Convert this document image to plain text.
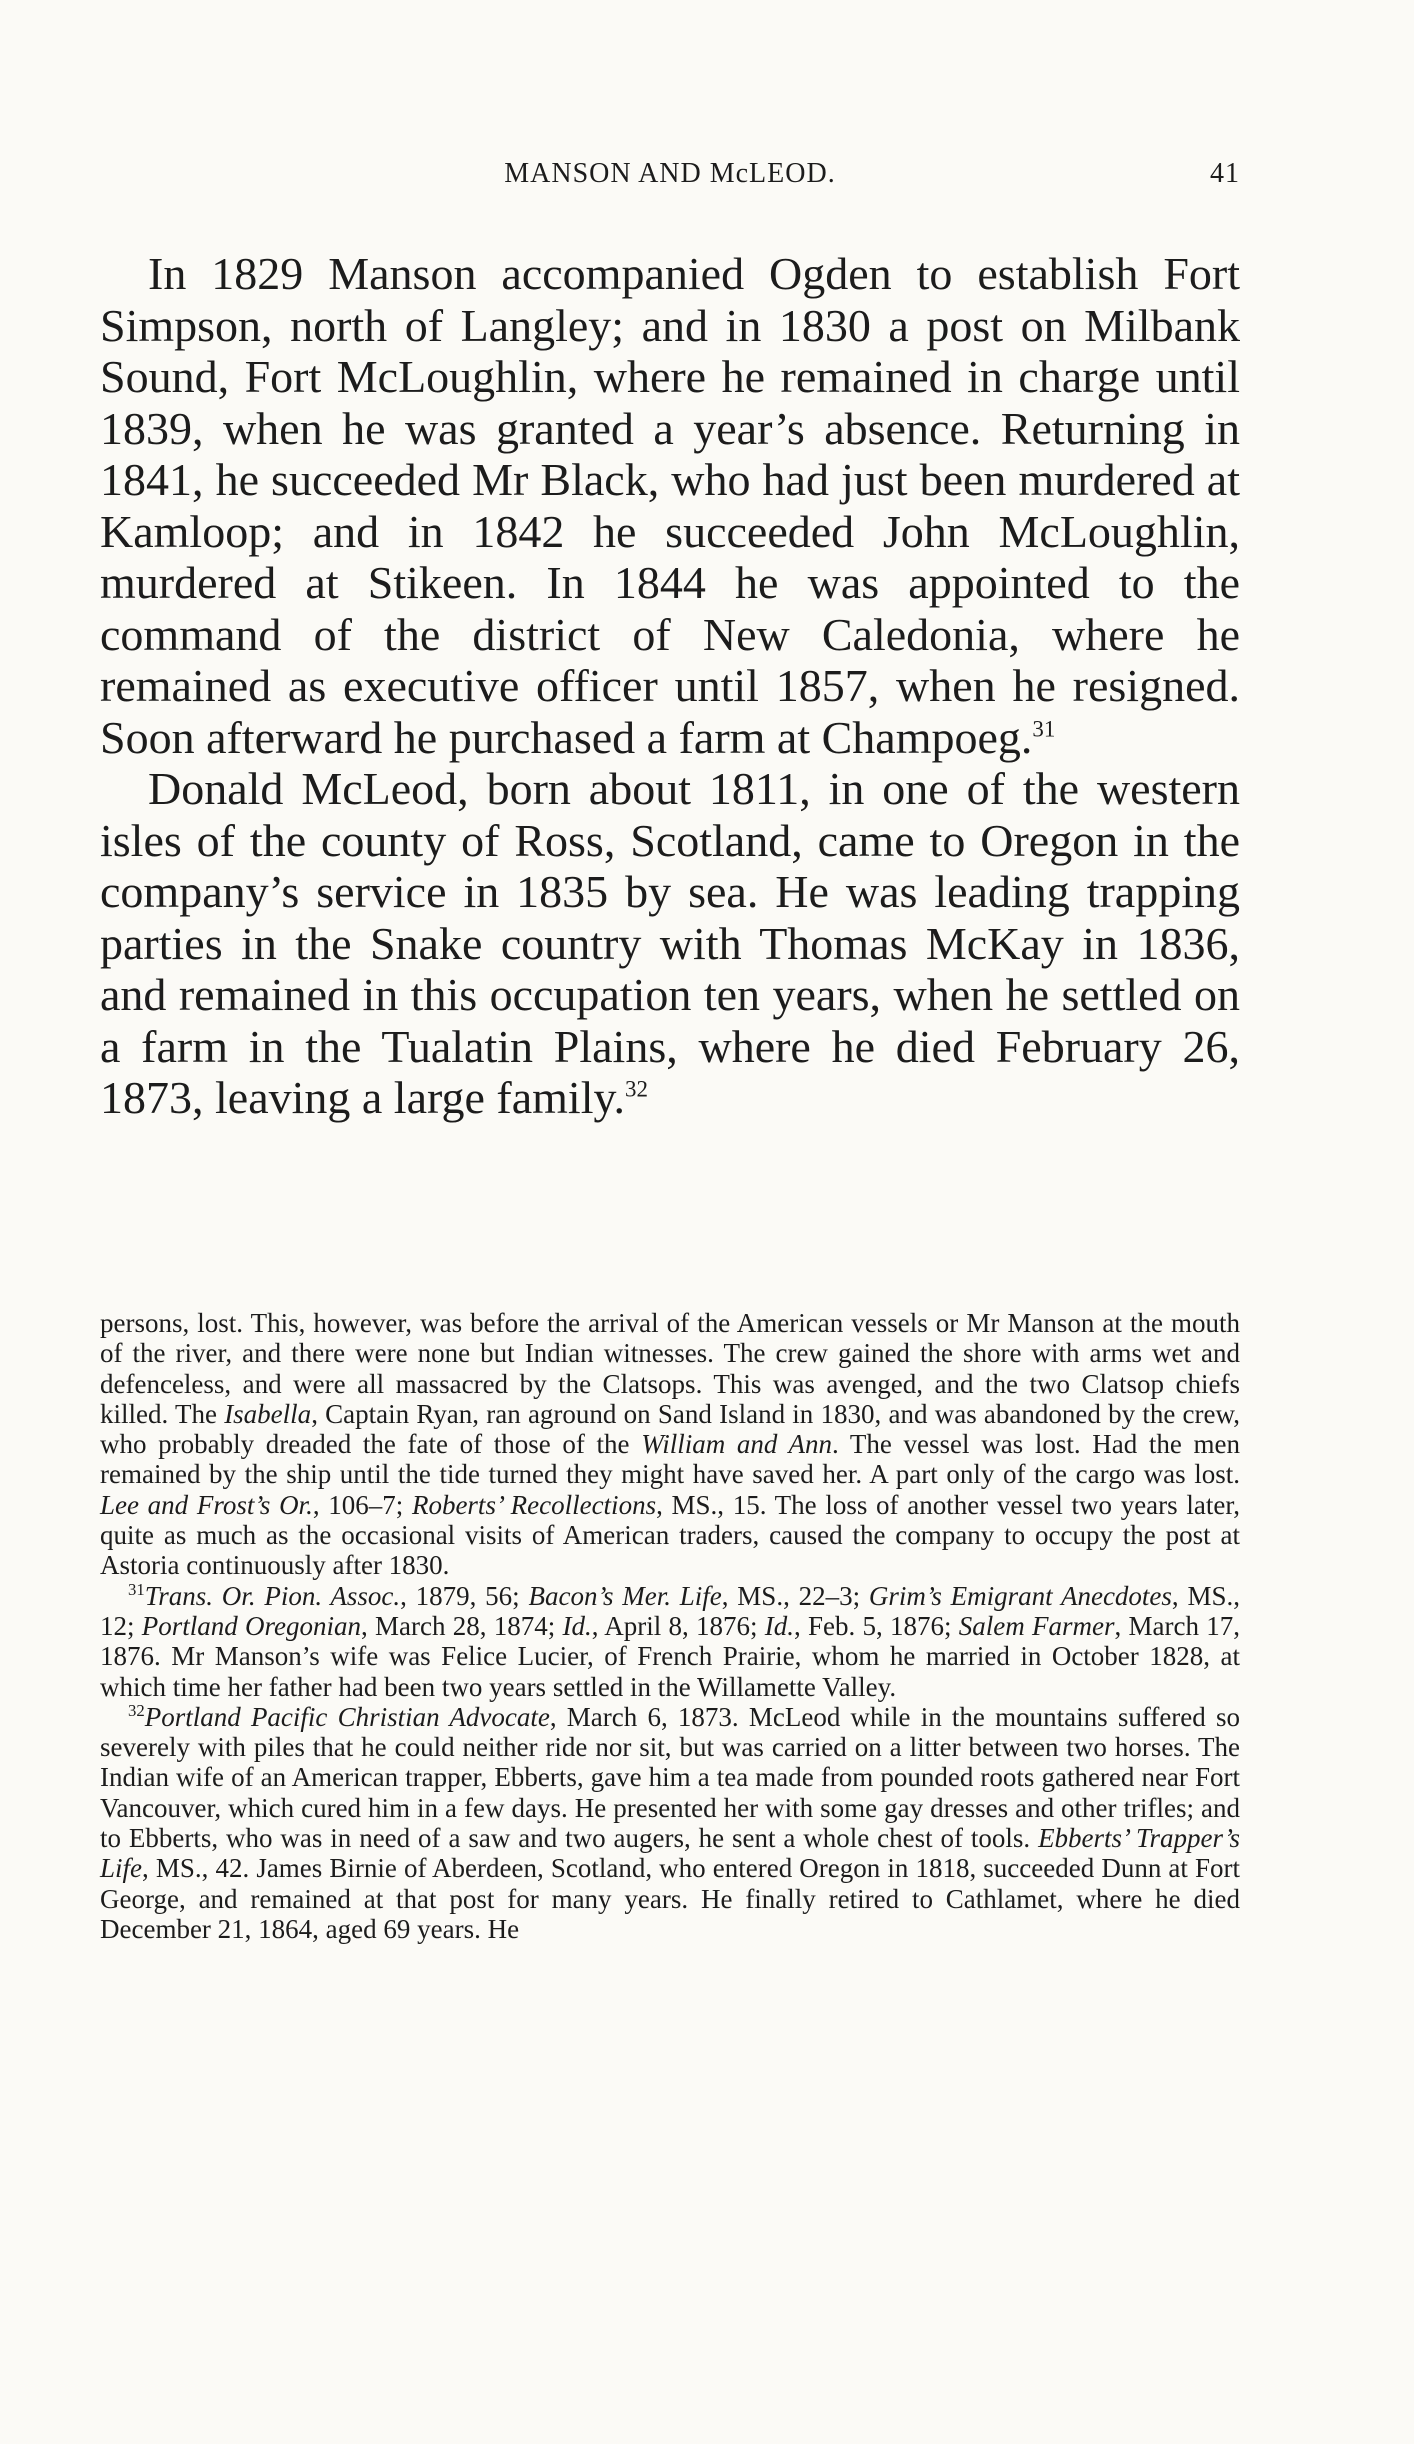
MANSON AND McLEOD.	41

In 1829 Manson accompanied Ogden to establish Fort Simpson, north of Langley; and in 1830 a post on Milbank Sound, Fort McLoughlin, where he remained in charge until 1839, when he was granted a year’s absence. Returning in 1841, he succeeded Mr Black, who had just been murdered at Kamloop; and in 1842 he succeeded John McLoughlin, murdered at Stikeen. In 1844 he was appointed to the command of the district of New Caledonia, where he remained as executive officer until 1857, when he resigned. Soon afterward he purchased a farm at Champoeg.$^{31}$

Donald McLeod, born about 1811, in one of the western isles of the county of Ross, Scotland, came to Oregon in the company’s service in 1835 by sea. He was leading trapping parties in the Snake country with Thomas McKay in 1836, and remained in this occupation ten years, when he settled on a farm in the Tualatin Plains, where he died February 26, 1873, leaving a large family.$^{32}$

persons, lost. This, however, was before the arrival of the American vessels or Mr Manson at the mouth of the river, and there were none but Indian witnesses. The crew gained the shore with arms wet and defenceless, and were all massacred by the Clatsops. This was avenged, and the two Clatsop chiefs killed. The Isabella, Captain Ryan, ran aground on Sand Island in 1830, and was abandoned by the crew, who probably dreaded the fate of those of the William and Ann. The vessel was lost. Had the men remained by the ship until the tide turned they might have saved her. A part only of the cargo was lost. Lee and Frost’s Or., 106–7; Roberts’ Recollections, MS., 15. The loss of another vessel two years later, quite as much as the occasional visits of American traders, caused the company to occupy the post at Astoria continuously after 1830.

$^{31}$Trans. Or. Pion. Assoc., 1879, 56; Bacon’s Mer. Life, MS., 22–3; Grim’s Emigrant Anecdotes, MS., 12; Portland Oregonian, March 28, 1874; Id., April 8, 1876; Id., Feb. 5, 1876; Salem Farmer, March 17, 1876. Mr Manson’s wife was Felice Lucier, of French Prairie, whom he married in October 1828, at which time her father had been two years settled in the Willamette Valley.

$^{32}$Portland Pacific Christian Advocate, March 6, 1873. McLeod while in the mountains suffered so severely with piles that he could neither ride nor sit, but was carried on a litter between two horses. The Indian wife of an American trapper, Ebberts, gave him a tea made from pounded roots gathered near Fort Vancouver, which cured him in a few days. He presented her with some gay dresses and other trifles; and to Ebberts, who was in need of a saw and two augers, he sent a whole chest of tools. Ebberts’ Trapper’s Life, MS., 42. James Birnie of Aberdeen, Scotland, who entered Oregon in 1818, succeeded Dunn at Fort George, and remained at that post for many years. He finally retired to Cathlamet, where he died December 21, 1864, aged 69 years. He
